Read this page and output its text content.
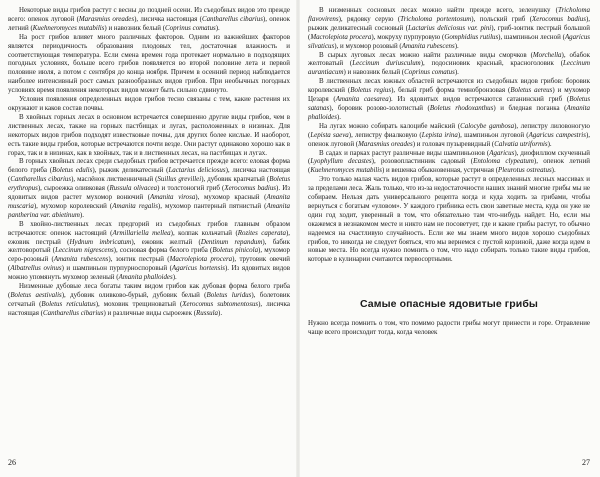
Некоторые виды грибов растут с весны до поздней осени. Из съедобных видов это прежде всего: опенок луговой (Marasmius oreades), лисичка настоящая (Cantharellus cibarius), опенок летний (Kuehneromyces mutabilis) и навозник белый (Coprinus comatus).

На рост грибов влияет много различных факторов. Одним из важнейших факторов является периодичность образования плодовых тел, достаточная влажность и соответствующая температура. Если смена времен года протекает нормально в подходящих погодных условиях, больше всего грибов появляется во второй половине лета и первой половине июля, а потом с сентября до конца ноября. Причем в осенний период наблюдается наиболее интенсивный рост самых разнообразных видов грибов. При необычных погодных условиях время появления некоторых видов может быть сильно сдвинуто.

Условия появления определенных видов грибов тесно связаны с тем, какие растения их окружают и каков состав почвы.

В хвойных горных лесах в основном встречается совершенно другие виды грибов, чем в лиственных лесах, также на горных пастбищах и лугах, расположенных в низинах. Для некоторых видов грибов подходят известковые почвы, для других более кислые. И наоборот, есть такие виды грибов, которые встречаются почти везде. Они растут одинаково хорошо как в горах, так и в низинах, как в хвойных, так и в лиственных лесах, на пастбищах и лугах.

В горных хвойных лесах среди съедобных грибов встречается прежде всего: еловая форма белого гриба (Boletus edulis), рыжик деликатесный (Lactarius deliciosus), лисичка настоящая (Cantharellus cibarius), маслёнок лиственничный (Suillus grevillei), дубовик крапчатый (Boletus erythropus), сыроежка оливковая (Russula olivacea) и толстоногий гриб (Xerocomus badius). Из ядовитых видов растет мухомор вонючий (Amanita virosa), мухомор красный (Amanita muscaria), мухомор королевский (Amanita regalis), мухомор пантерный пятнистый (Amanita pantherina var. abietinum).

В хвойно-лиственных лесах предгорий из съедобных грибов главным образом встречаются: опенок настоящий (Armillariella mellea), колпак кольчатый (Rozites caperata), ежовик пестрый (Hydnum imbricatum), ежовик желтый (Dentinum repandum), бабик желтоворотый (Leccinum nigrescens), сосновая форма белого гриба (Boletus pinicola), мухомор серо-розовый (Amanita rubescens), зонтик пестрый (Macrolepiota procera), трутовик овечий (Albatrellus ovinus) и шампиньон пурпурноспоровый (Agaricus hortensis). Из ядовитых видов можно упомянуть мухомор зеленый (Amanita phalloides).

Низменные дубовые леса богаты таким видом грибов как дубовая форма белого гриба (Boletus aestivalis), дубовик оливково-бурый, дубовик белый (Boletus luridus), болетовик сетчатый (Boletus reticulatus), моховик трещиноватый (Xerocomus subtomentosus), лисичка настоящая (Cantharellus cibarius) и различные виды сыроежек (Russula).

26

В низменных сосновых лесах можно найти прежде всего, зеленушку (Tricholoma flavovirens), рядовку серую (Tricholoma portentosum), польский гриб (Xerocomus badius), рыжик деликатесный сосновый (Lactarius deliciosus var. pini), гриб-зонтик пестрый большой (Macrolepiota procera), мокруху пурпуровую (Gomphidius rutilus), шампиньон лесной (Agaricus silvaticus), и мухомор розовый (Amanita rubescens).

В сырых луговых лесах можно найти различные виды сморчков (Morchella), обабок желтоватый (Leccinum duriusculum), подосиновик красный, красноголовик (Leccinum aurantiacum) и навозник белый (Coprinus comatus).

В лиственных лесах южных областей встречаются из съедобных видов грибов: боровик королевский (Boletus regius), белый гриб форма темнобронзовая (Boletus aereus) и мухомор Цезаря (Amanita caesarea). Из ядовитых видов встречаются сатанинский гриб (Boletus satanas), боровик розово-золотистый (Boletus rhodoxanthus) и бледная поганка (Amanita phalloides).

На лугах можно собирать калоцибе майский (Calocybe gambosa), лепистру лиловоногую (Lepista saeva), лепистру фиалковую (Lepista irina), шампиньон луговой (Agaricus campestris), опенок луговой (Marasmius oreades) и головач пузыревидный (Calvatia utriformis).

В садах и парках растут различные виды шампиньонов (Agaricus), диофиллюм скученный (Lyophyllum decastes), розовопластинник садовый (Entoloma clypeatum), опенок летний (Kuehneromyces mutabilis) и вешенка обыкновенная, устричная (Pleurotus ostreatus).

Это только малая часть видов грибов, которые растут в определенных лесных массивах и за пределами леса. Жаль только, что из-за недостаточности наших знаний многие грибы мы не собираем. Нельзя дать универсального рецепта когда и куда ходить за грибами, чтобы вернуться с богатым «уловом». У каждого грибника есть свои заветные места, куда он уже не один год ходит, уверенный в том, что обязательно там что-нибудь найдет. Но, если мы окажемся в незнакомом месте и никто нам не посоветует, где и какие грибы растут, то обычно надеемся на счастливую случайность. Если же мы знаем много видов хорошо съедобных грибов, то никогда не следует бояться, что мы вернемся с пустой корзиной, даже когда идем в новые места. Но всегда нужно помнить о том, что надо собирать только такие виды грибов, которые в кулинарии считаются первосортными.

Самые опасные ядовитые грибы

Нужно всегда помнить о том, что помимо радости грибы могут принести и горе. Отравление чаще всего происходит тогда, когда человек

27
